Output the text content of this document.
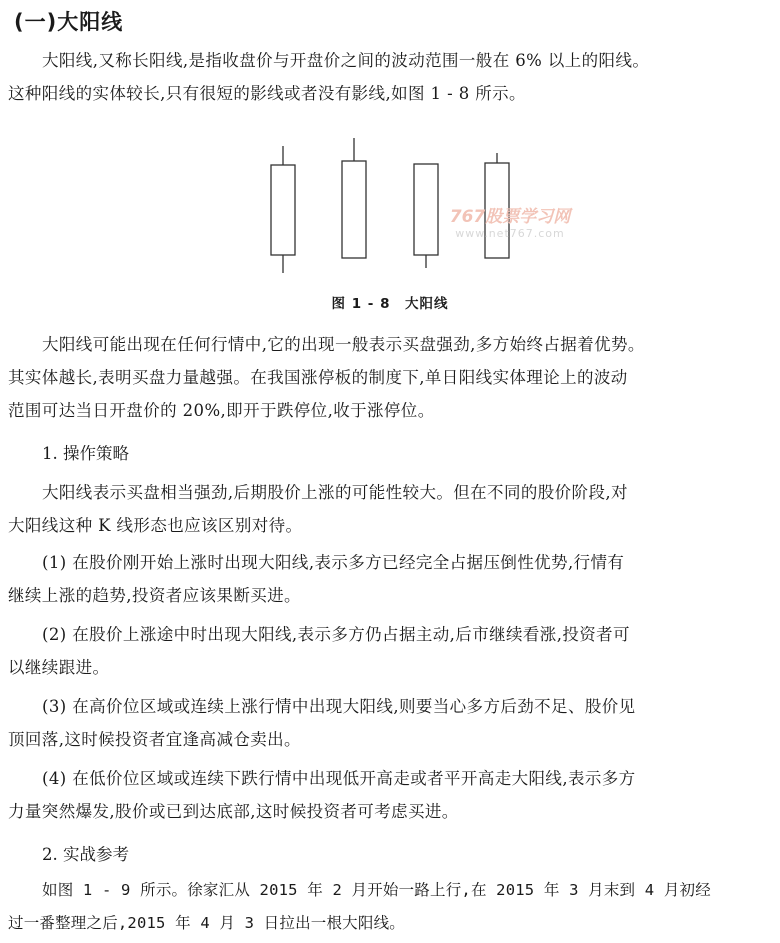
(一)大阳线
大阳线,又称长阳线,是指收盘价与开盘价之间的波动范围一般在 6% 以上的阳线。
这种阳线的实体较长,只有很短的影线或者没有影线,如图 1 - 8 所示。
767股票学习网
www.net767.com
图 1 - 8　大阳线
大阳线可能出现在任何行情中,它的出现一般表示买盘强劲,多方始终占据着优势。
其实体越长,表明买盘力量越强。在我国涨停板的制度下,单日阳线实体理论上的波动
范围可达当日开盘价的 20%,即开于跌停位,收于涨停位。
1. 操作策略
大阳线表示买盘相当强劲,后期股价上涨的可能性较大。但在不同的股价阶段,对
大阳线这种 K 线形态也应该区别对待。
(1) 在股价刚开始上涨时出现大阳线,表示多方已经完全占据压倒性优势,行情有
继续上涨的趋势,投资者应该果断买进。
(2) 在股价上涨途中时出现大阳线,表示多方仍占据主动,后市继续看涨,投资者可
以继续跟进。
(3) 在高价位区域或连续上涨行情中出现大阳线,则要当心多方后劲不足、股价见
顶回落,这时候投资者宜逢高减仓卖出。
(4) 在低价位区域或连续下跌行情中出现低开高走或者平开高走大阳线,表示多方
力量突然爆发,股价或已到达底部,这时候投资者可考虑买进。
2. 实战参考
如图 1 - 9 所示。徐家汇从 2015 年 2 月开始一路上行,在 2015 年 3 月末到 4 月初经
过一番整理之后,2015 年 4 月 3 日拉出一根大阳线。
